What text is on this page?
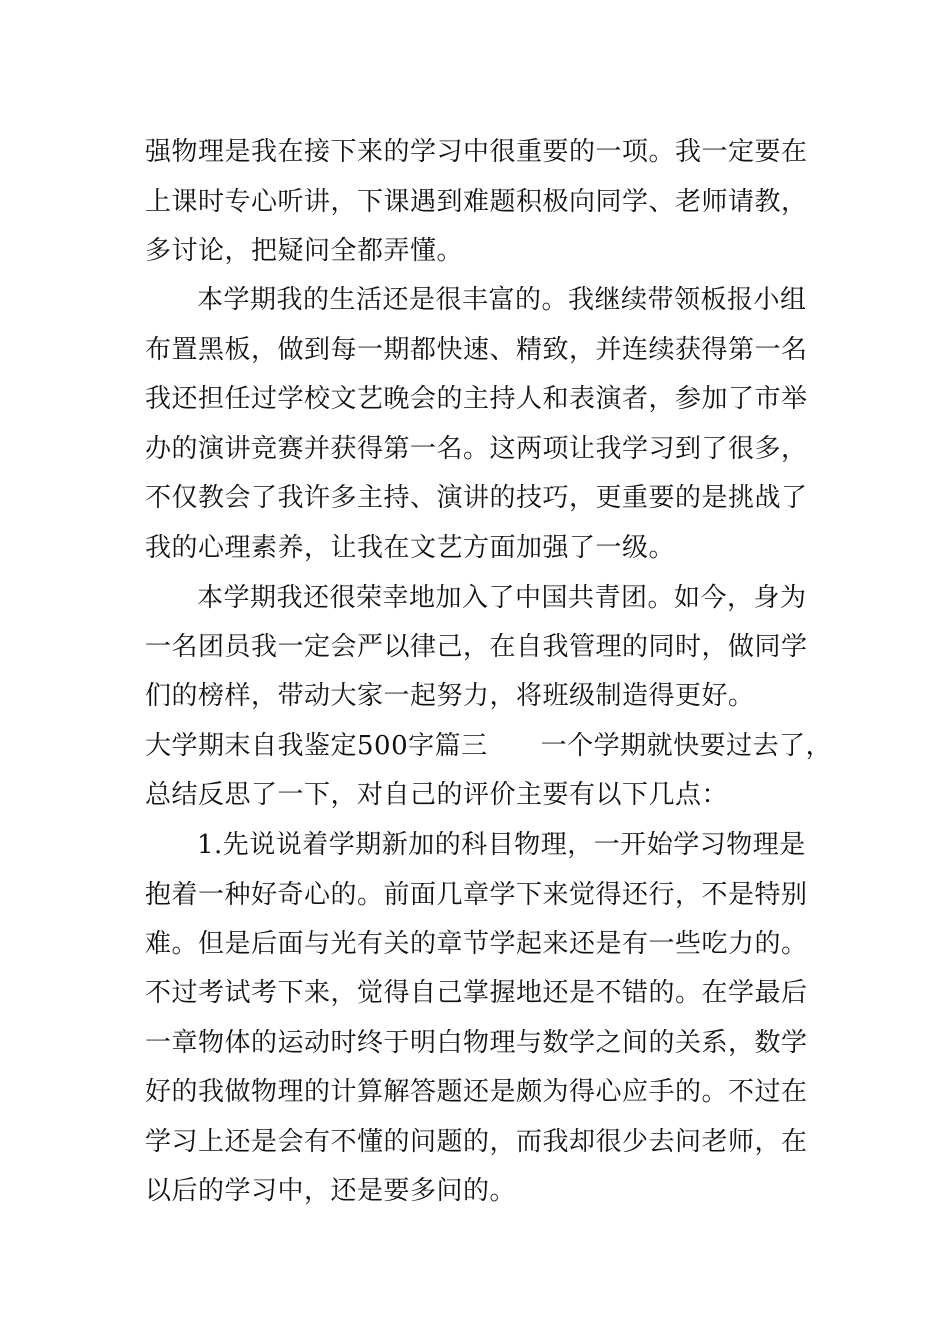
强物理是我在接下来的学习中很重要的一项。我一定要在
上课时专心听讲，下课遇到难题积极向同学、老师请教，
多讨论，把疑问全都弄懂。
本学期我的生活还是很丰富的。我继续带领板报小组
布置黑板，做到每一期都快速、精致，并连续获得第一名
我还担任过学校文艺晚会的主持人和表演者，参加了市举
办的演讲竞赛并获得第一名。这两项让我学习到了很多，
不仅教会了我许多主持、演讲的技巧，更重要的是挑战了
我的心理素养，让我在文艺方面加强了一级。
本学期我还很荣幸地加入了中国共青团。如今，身为
一名团员我一定会严以律己，在自我管理的同时，做同学
们的榜样，带动大家一起努力，将班级制造得更好。
大学期末自我鉴定500字篇三　　一个学期就快要过去了，
总结反思了一下，对自己的评价主要有以下几点：
1.先说说着学期新加的科目物理，一开始学习物理是
抱着一种好奇心的。前面几章学下来觉得还行，不是特别
难。但是后面与光有关的章节学起来还是有一些吃力的。
不过考试考下来，觉得自己掌握地还是不错的。在学最后
一章物体的运动时终于明白物理与数学之间的关系，数学
好的我做物理的计算解答题还是颇为得心应手的。不过在
学习上还是会有不懂的问题的，而我却很少去问老师，在
以后的学习中，还是要多问的。
